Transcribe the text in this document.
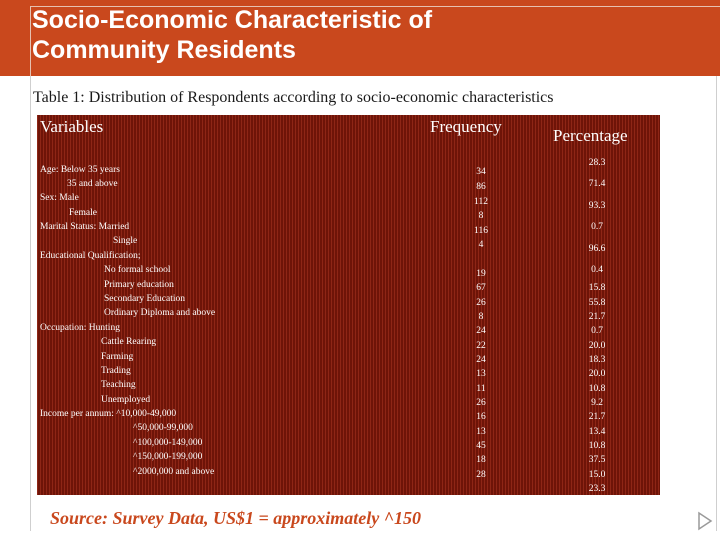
Socio-Economic Characteristic of
Community Residents
Table 1: Distribution of Respondents according to socio-economic characteristics
Variables	Frequency	Percentage
Age: Below 35 years
35 and above
Sex: Male
Female
Marital Status: Married
Single
Educational Qualification;
No formal school
Primary education
Secondary Education
Ordinary Diploma and above
Occupation: Hunting
Cattle Rearing
Farming
Trading
Teaching
Unemployed
Income per annum: ^10,000-49,000
^50,000-99,000
^100,000-149,000
^150,000-199,000
^2000,000 and above
34
86
112
8
116
4
19
67
26
8
24
22
24
13
11
26
16
13
45
18
28
28.3
71.4
93.3
0.7
96.6
0.4
15.8
55.8
21.7
0.7
20.0
18.3
20.0
10.8
9.2
21.7
13.4
10.8
37.5
15.0
23.3
Source: Survey Data, US$1 = approximately ^150
